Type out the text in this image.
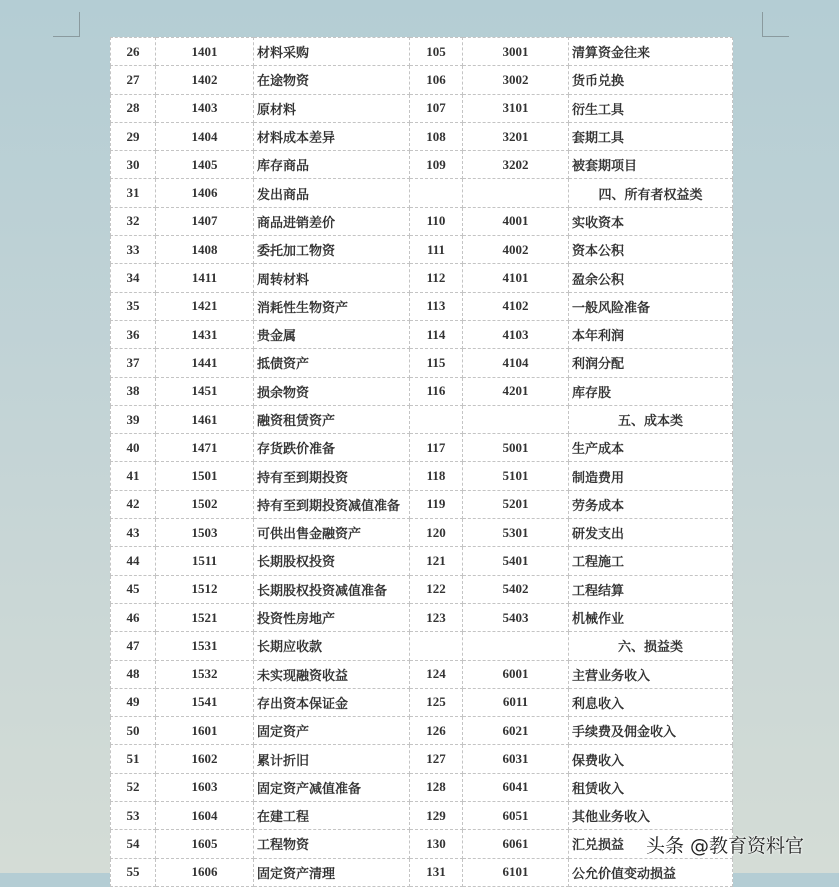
26	1401	材料采购	105	3001	清算资金往来
27	1402	在途物资	106	3002	货币兑换
28	1403	原材料	107	3101	衍生工具
29	1404	材料成本差异	108	3201	套期工具
30	1405	库存商品	109	3202	被套期项目
31	1406	发出商品			四、所有者权益类
32	1407	商品进销差价	110	4001	实收资本
33	1408	委托加工物资	111	4002	资本公积
34	1411	周转材料	112	4101	盈余公积
35	1421	消耗性生物资产	113	4102	一般风险准备
36	1431	贵金属	114	4103	本年利润
37	1441	抵债资产	115	4104	利润分配
38	1451	损余物资	116	4201	库存股
39	1461	融资租赁资产			五、成本类
40	1471	存货跌价准备	117	5001	生产成本
41	1501	持有至到期投资	118	5101	制造费用
42	1502	持有至到期投资减值准备	119	5201	劳务成本
43	1503	可供出售金融资产	120	5301	研发支出
44	1511	长期股权投资	121	5401	工程施工
45	1512	长期股权投资减值准备	122	5402	工程结算
46	1521	投资性房地产	123	5403	机械作业
47	1531	长期应收款			六、损益类
48	1532	未实现融资收益	124	6001	主营业务收入
49	1541	存出资本保证金	125	6011	利息收入
50	1601	固定资产	126	6021	手续费及佣金收入
51	1602	累计折旧	127	6031	保费收入
52	1603	固定资产减值准备	128	6041	租赁收入
53	1604	在建工程	129	6051	其他业务收入
54	1605	工程物资	130	6061	汇兑损益
55	1606	固定资产清理	131	6101	公允价值变动损益
头条 @教育资料官
